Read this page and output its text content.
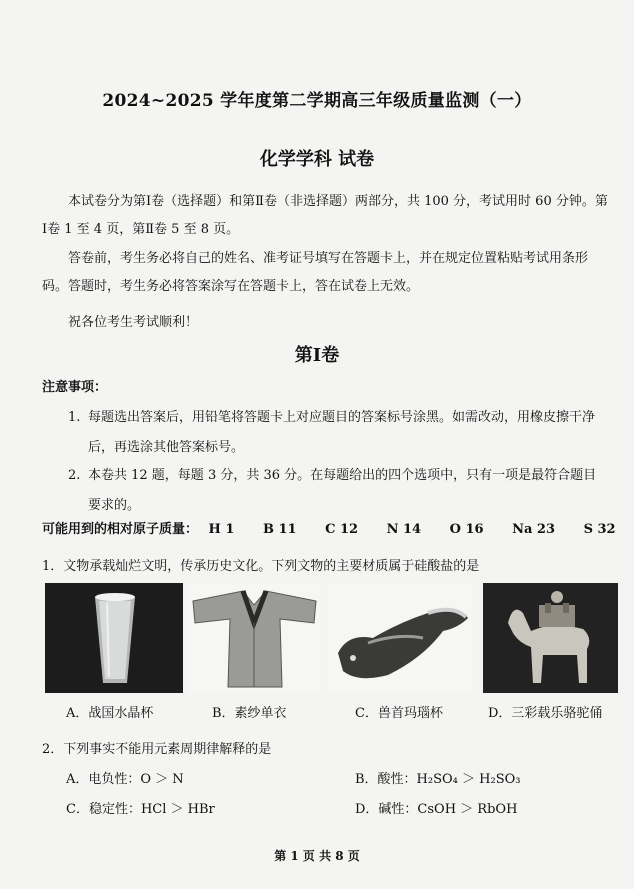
2024~2025 学年度第二学期高三年级质量监测（一）
化学学科 试卷
本试卷分为第Ⅰ卷（选择题）和第Ⅱ卷（非选择题）两部分，共 100 分，考试用时 60 分钟。第Ⅰ卷 1 至 4 页，第Ⅱ卷 5 至 8 页。
答卷前，考生务必将自己的姓名、准考证号填写在答题卡上，并在规定位置粘贴考试用条形码。答题时，考生务必将答案涂写在答题卡上，答在试卷上无效。
祝各位考生考试顺利！
第Ⅰ卷
注意事项：
1. 每题选出答案后，用铅笔将答题卡上对应题目的答案标号涂黑。如需改动，用橡皮擦干净后，再选涂其他答案标号。
2. 本卷共 12 题，每题 3 分，共 36 分。在每题给出的四个选项中，只有一项是最符合题目要求的。
可能用到的相对原子质量： H 1 B 11 C 12 N 14 O 16 Na 23 S 32
1．文物承载灿烂文明，传承历史文化。下列文物的主要材质属于硅酸盐的是
A．战国水晶杯	B．素纱单衣	C．兽首玛瑙杯	D．三彩载乐骆驼俑
2．下列事实不能用元素周期律解释的是
A．电负性：O ＞ N	B．酸性：H₂SO₄ ＞ H₂SO₃
C．稳定性：HCl ＞ HBr	D．碱性：CsOH ＞ RbOH
第 1 页 共 8 页
